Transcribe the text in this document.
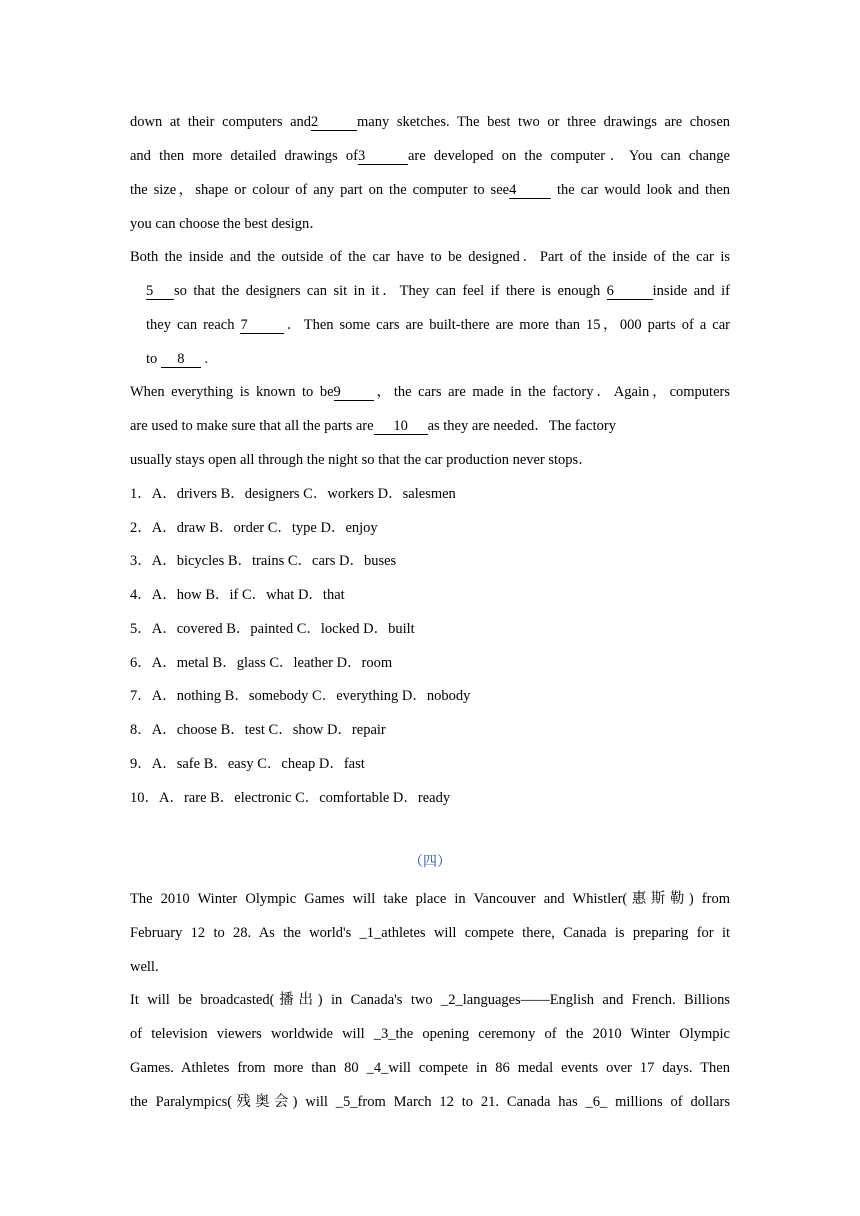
down at their computers and2	many sketches. The best two or three drawings are chosen
and then more detailed drawings of3	are developed on the computer．You can change
the size，shape or colour of any part on the computer to see4 the car would look and then
you can choose the best design．
Both the inside and the outside of the car have to be designed．Part of the inside of the car is
5 so that the designers can sit in it．They can feel if there is enough 6	inside and if
they can reach 7	．Then some cars are built-there are more than 15，000 parts of a car
to 8 .
When everything is known to be9 ，the cars are made in the factory．Again，computers
are used to make sure that all the parts are 10 as they are needed．The factory
usually stays open all through the night so that the car production never stops．
1．A．drivers B．designers C．workers D．salesmen
2．A．draw B．order C．type D．enjoy
3．A．bicycles B．trains C．cars D．buses
4．A．how B．if C．what D．that
5．A．covered B．painted C．locked D．built
6．A．metal B．glass C．leather D．room
7．A．nothing B．somebody C．everything D．nobody
8．A．choose B．test C．show D．repair
9．A．safe B．easy C．cheap D．fast
10．A．rare B．electronic C．comfortable D．ready
（四）
The 2010 Winter Olympic Games will take place in Vancouver and Whistler(惠斯勒) from
February 12 to 28. As the world's _1_athletes will compete there, Canada is preparing for it
well.
It will be broadcasted(播出) in Canada's two _2_languages——English and French. Billions
of television viewers worldwide will _3_the opening ceremony of the 2010 Winter Olympic
Games. Athletes from more than 80 _4_will compete in 86 medal events over 17 days. Then
the Paralympics(残奥会) will _5_from March 12 to 21. Canada has _6_ millions of dollars
